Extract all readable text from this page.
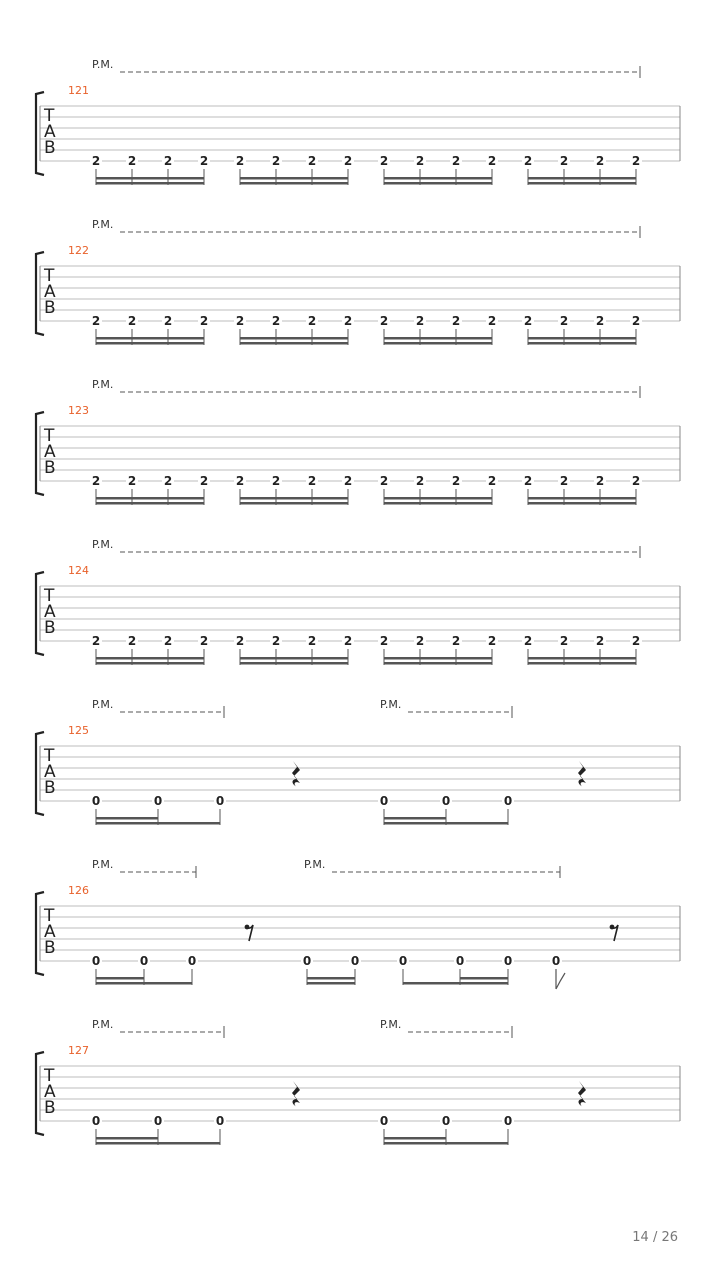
P.M.
121
T
A
B
2 2 2 2 2 2 2 2 2 2 2 2 2 2 2 2
P.M.
122
T
A
B
2 2 2 2 2 2 2 2 2 2 2 2 2 2 2 2
P.M.
123
T
A
B
2 2 2 2 2 2 2 2 2 2 2 2 2 2 2 2
P.M.
124
T
A
B
2 2 2 2 2 2 2 2 2 2 2 2 2 2 2 2
P.M.	P.M.
125
T
A
B
0	0	0	0	0	0
P.M.	P.M.
126
T
A
B
0	0	0	0	0	0	0	0	0
P.M.	P.M.
127
T
A
B
0	0	0	0	0	0
14 / 26
